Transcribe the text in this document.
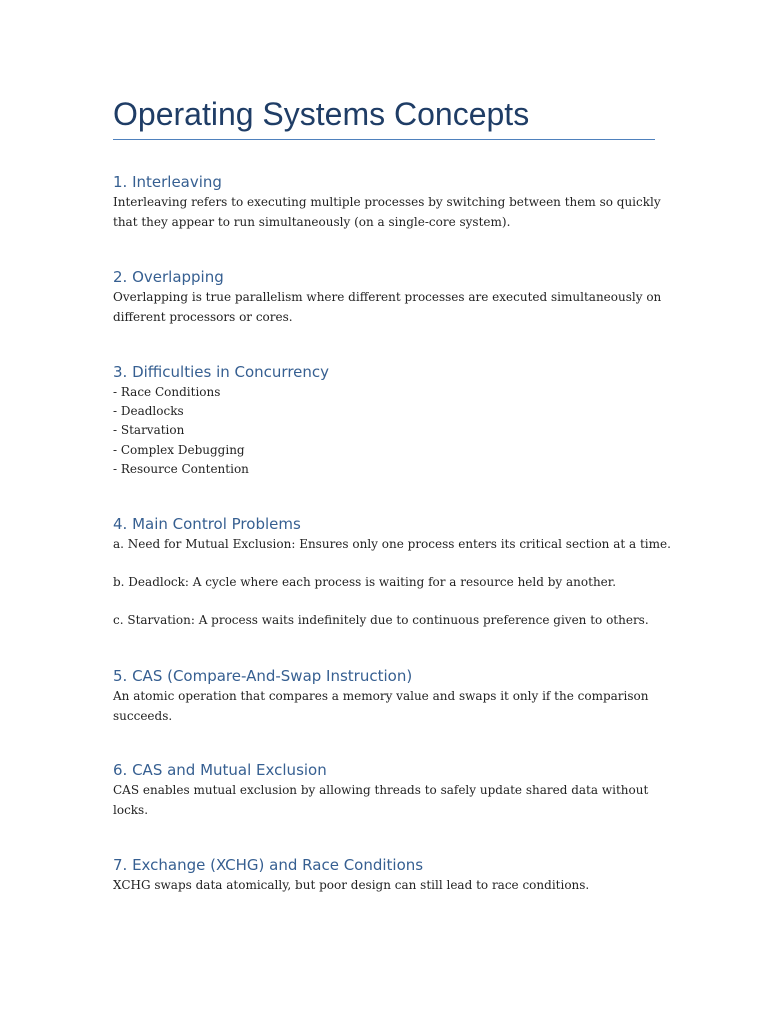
Operating Systems Concepts
1. Interleaving

Interleaving refers to executing multiple processes by switching between them so quickly
that they appear to run simultaneously (on a single-core system).

2. Overlapping

Overlapping is true parallelism where different processes are executed simultaneously on
different processors or cores.

3. Difficulties in Concurrency
- Race Conditions
- Deadlocks
- Starvation
- Complex Debugging
- Resource Contention
4. Main Control Problems

a. Need for Mutual Exclusion: Ensures only one process enters its critical section at a time.

b. Deadlock: A cycle where each process is waiting for a resource held by another.

c. Starvation: A process waits indefinitely due to continuous preference given to others.

5. CAS (Compare-And-Swap Instruction)

An atomic operation that compares a memory value and swaps it only if the comparison
succeeds.

6. CAS and Mutual Exclusion

CAS enables mutual exclusion by allowing threads to safely update shared data without
locks.

7. Exchange (XCHG) and Race Conditions

XCHG swaps data atomically, but poor design can still lead to race conditions.
